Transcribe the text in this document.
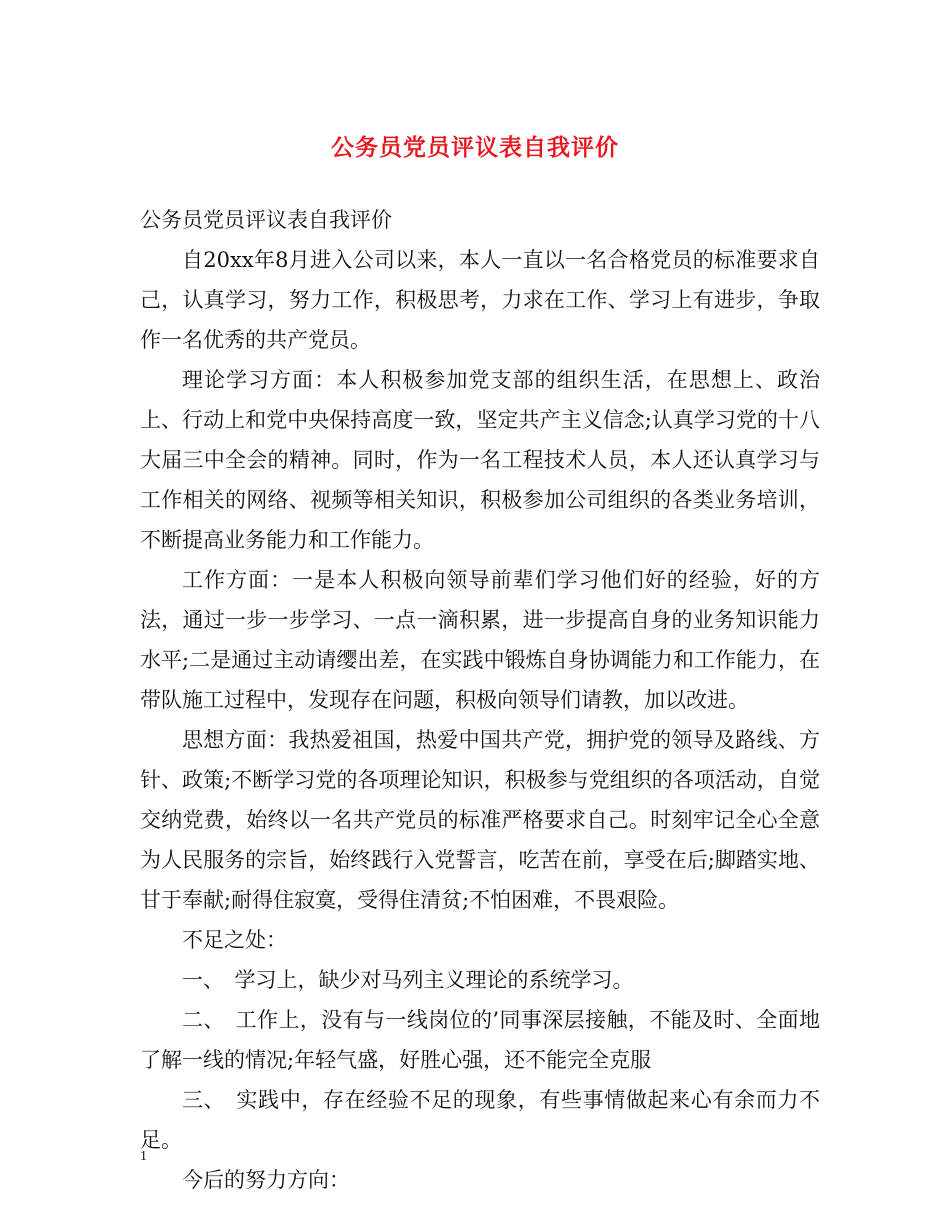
公务员党员评议表自我评价

公务员党员评议表自我评价

自20xx年8月进入公司以来，本人一直以一名合格党员的标准要求自己，认真学习，努力工作，积极思考，力求在工作、学习上有进步，争取作一名优秀的共产党员。

理论学习方面：本人积极参加党支部的组织生活，在思想上、政治上、行动上和党中央保持高度一致，坚定共产主义信念;认真学习党的十八大届三中全会的精神。同时，作为一名工程技术人员，本人还认真学习与工作相关的网络、视频等相关知识，积极参加公司组织的各类业务培训，不断提高业务能力和工作能力。

工作方面：一是本人积极向领导前辈们学习他们好的经验，好的方法，通过一步一步学习、一点一滴积累，进一步提高自身的业务知识能力水平;二是通过主动请缨出差，在实践中锻炼自身协调能力和工作能力，在带队施工过程中，发现存在问题，积极向领导们请教，加以改进。

思想方面：我热爱祖国，热爱中国共产党，拥护党的领导及路线、方针、政策;不断学习党的各项理论知识，积极参与党组织的各项活动，自觉交纳党费，始终以一名共产党员的标准严格要求自己。时刻牢记全心全意为人民服务的宗旨，始终践行入党誓言，吃苦在前，享受在后;脚踏实地、甘于奉献;耐得住寂寞，受得住清贫;不怕困难，不畏艰险。

不足之处：

一、　学习上，缺少对马列主义理论的系统学习。

二、　工作上，没有与一线岗位的’同事深层接触，不能及时、全面地了解一线的情况;年轻气盛，好胜心强，还不能完全克服

三、　实践中，存在经验不足的现象，有些事情做起来心有余而力不足。

今后的努力方向：

1
